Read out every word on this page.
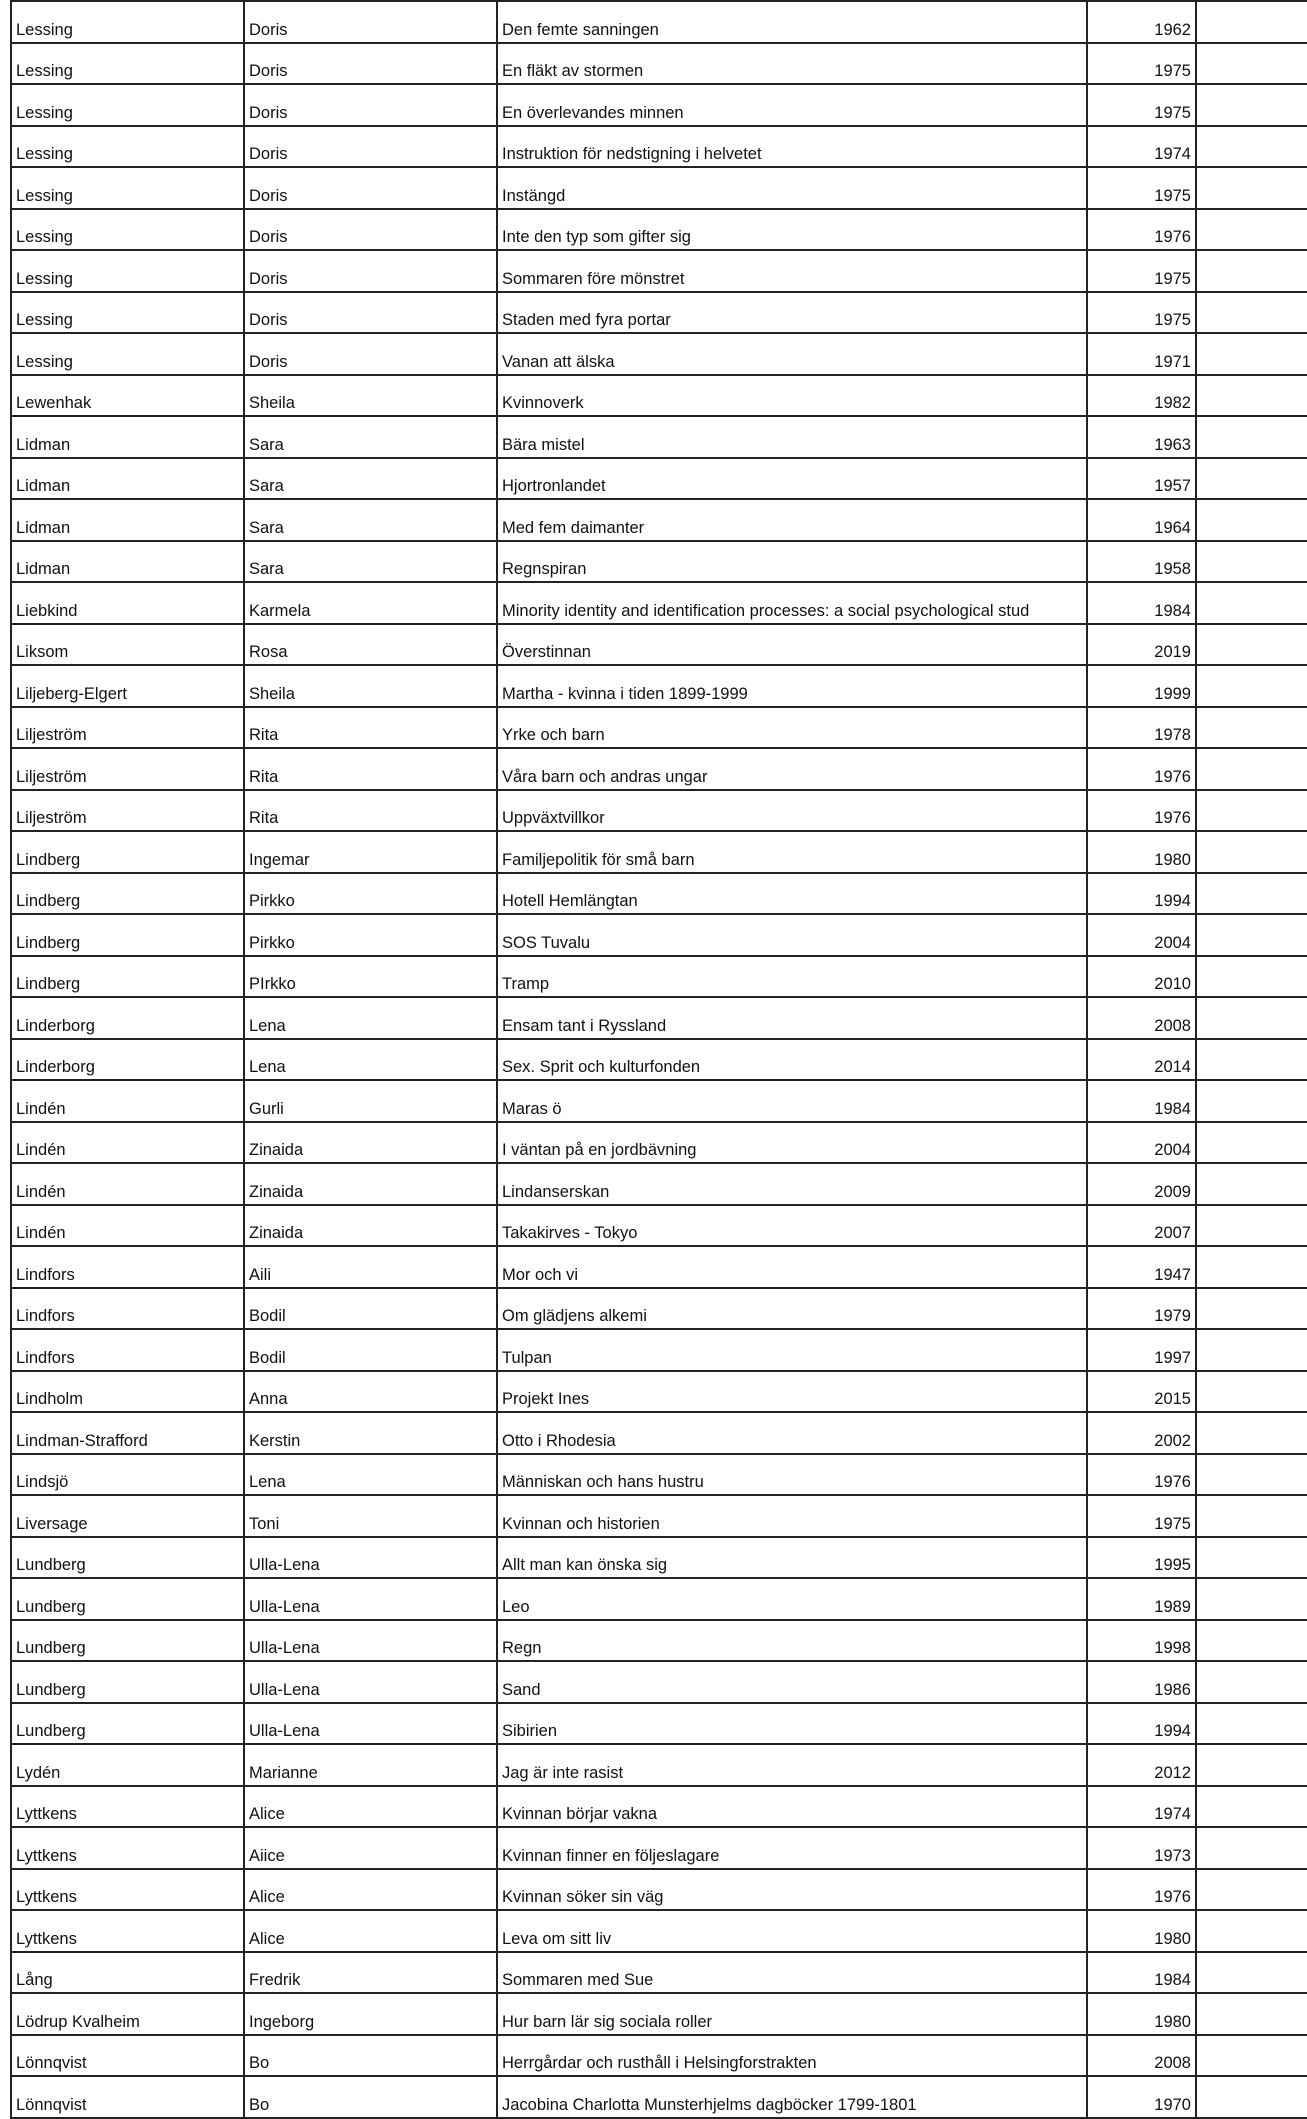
Lessing	Doris	Den femte sanningen	1962	
Lessing	Doris	En fläkt av stormen	1975	
Lessing	Doris	En överlevandes minnen	1975	
Lessing	Doris	Instruktion för nedstigning i helvetet	1974	
Lessing	Doris	Instängd	1975	
Lessing	Doris	Inte den typ som gifter sig	1976	
Lessing	Doris	Sommaren före mönstret	1975	
Lessing	Doris	Staden med fyra portar	1975	
Lessing	Doris	Vanan att älska	1971	
Lewenhak	Sheila	Kvinnoverk	1982	
Lidman	Sara	Bära mistel	1963	
Lidman	Sara	Hjortronlandet	1957	
Lidman	Sara	Med fem daimanter	1964	
Lidman	Sara	Regnspiran	1958	
Liebkind	Karmela	Minority identity and identification processes: a social psychological stud	1984	
Liksom	Rosa	Överstinnan	2019	
Liljeberg-Elgert	Sheila	Martha - kvinna i tiden 1899-1999	1999	
Liljeström	Rita	Yrke och barn	1978	
Liljeström	Rita	Våra barn och andras ungar	1976	
Liljeström	Rita	Uppväxtvillkor	1976	
Lindberg	Ingemar	Familjepolitik för små barn	1980	
Lindberg	Pirkko	Hotell Hemlängtan	1994	
Lindberg	Pirkko	SOS Tuvalu	2004	
Lindberg	PIrkko	Tramp	2010	
Linderborg	Lena	Ensam tant i Ryssland	2008	
Linderborg	Lena	Sex. Sprit och kulturfonden	2014	
Lindén	Gurli	Maras ö	1984	
Lindén	Zinaida	I väntan på en jordbävning	2004	
Lindén	Zinaida	Lindanserskan	2009	
Lindén	Zinaida	Takakirves - Tokyo	2007	
Lindfors	Aili	Mor och vi	1947	
Lindfors	Bodil	Om glädjens alkemi	1979	
Lindfors	Bodil	Tulpan	1997	
Lindholm	Anna	Projekt Ines	2015	
Lindman-Strafford	Kerstin	Otto i Rhodesia	2002	
Lindsjö	Lena	Människan och hans hustru	1976	
Liversage	Toni	Kvinnan och historien	1975	
Lundberg	Ulla-Lena	Allt man kan önska sig	1995	
Lundberg	Ulla-Lena	Leo	1989	
Lundberg	Ulla-Lena	Regn	1998	
Lundberg	Ulla-Lena	Sand	1986	
Lundberg	Ulla-Lena	Sibirien	1994	
Lydén	Marianne	Jag är inte rasist	2012	
Lyttkens	Alice	Kvinnan börjar vakna	1974	
Lyttkens	Aiice	Kvinnan finner en följeslagare	1973	
Lyttkens	Alice	Kvinnan söker sin väg	1976	
Lyttkens	Alice	Leva om sitt liv	1980	
Lång	Fredrik	Sommaren med Sue	1984	
Lödrup Kvalheim	Ingeborg	Hur barn lär sig sociala roller	1980	
Lönnqvist	Bo	Herrgårdar och rusthåll i Helsingforstrakten	2008	
Lönnqvist	Bo	Jacobina Charlotta Munsterhjelms dagböcker 1799-1801	1970	
